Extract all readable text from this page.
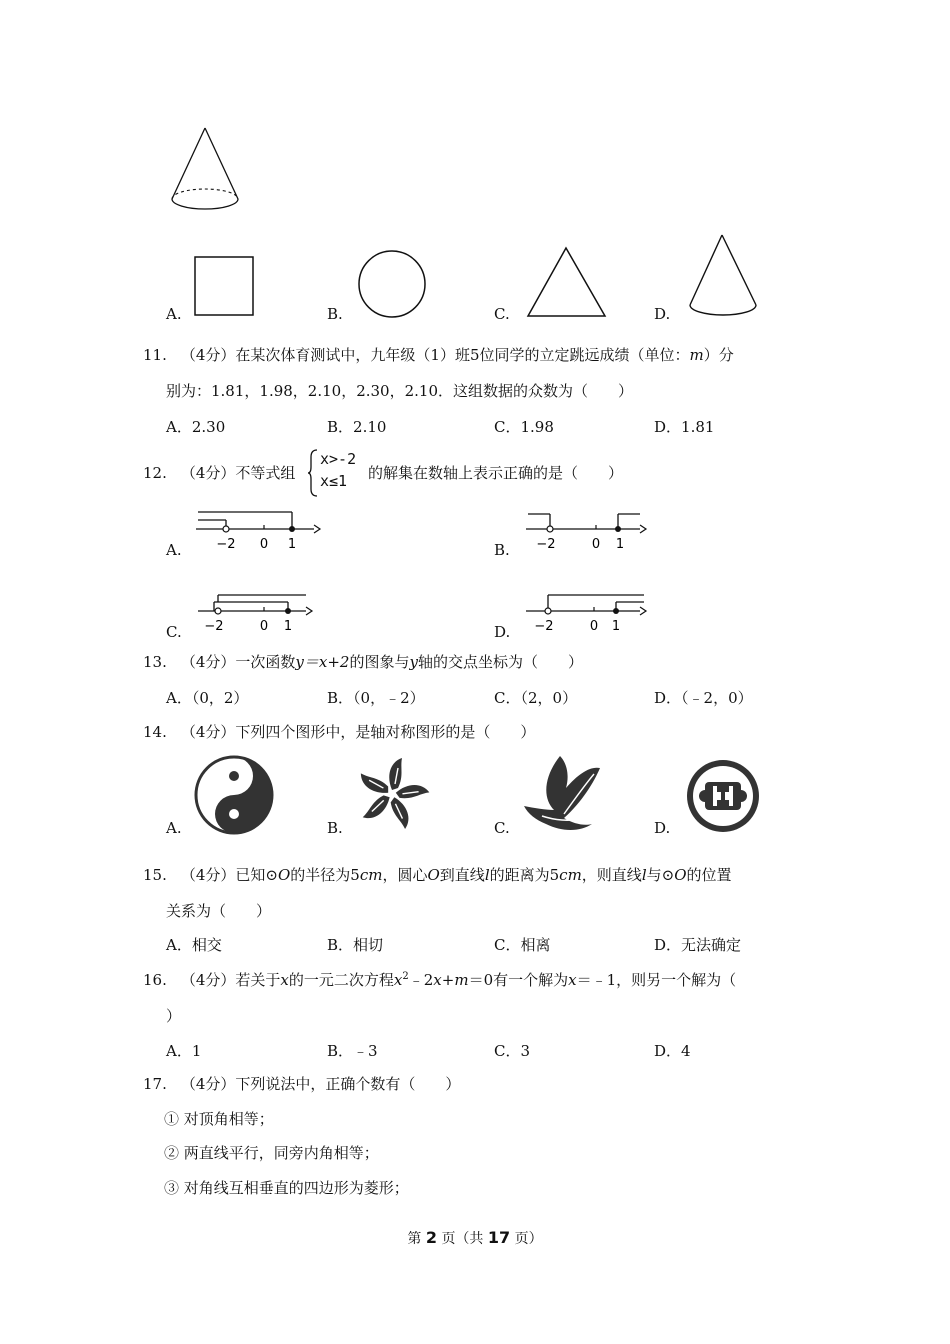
A.	B.	C.	D.
11. （4分）在某次体育测试中，九年级（1）班5位同学的立定跳远成绩（单位：m）分
别为：1.81，1.98，2.10，2.30，2.10．这组数据的众数为（　　）
A．2.30	B．2.10	C．1.98	D．1.81
12. （4分）不等式组
x>-2
x≤1	的解集在数轴上表示正确的是（　　）
A.	−2 0 1	B. −2	0 1
C. −2	0 1	D. −2	0 1
13. （4分）一次函数y＝x+2的图象与y轴的交点坐标为（　　）
A．（0，2）	B．（0，﹣2）	C．（2，0）	D．（﹣2，0）
14. （4分）下列四个图形中，是轴对称图形的是（　　）
A.	B.	C.	D.
15. （4分）已知⊙O的半径为5cm，圆心O到直线l的距离为5cm，则直线l与⊙O的位置
关系为（　　）
A．相交	B．相切	C．相离	D．无法确定
16. （4分）若关于x的一元二次方程$x^2﹣2x+m=0$有一个解为x＝﹣1，则另一个解为（
）
A．1	B．﹣3	C．3	D．4
17. （4分）下列说法中，正确个数有（　　）
① 对顶角相等；
② 两直线平行，同旁内角相等；
③ 对角线互相垂直的四边形为菱形；
第 2 页（共 17 页）
